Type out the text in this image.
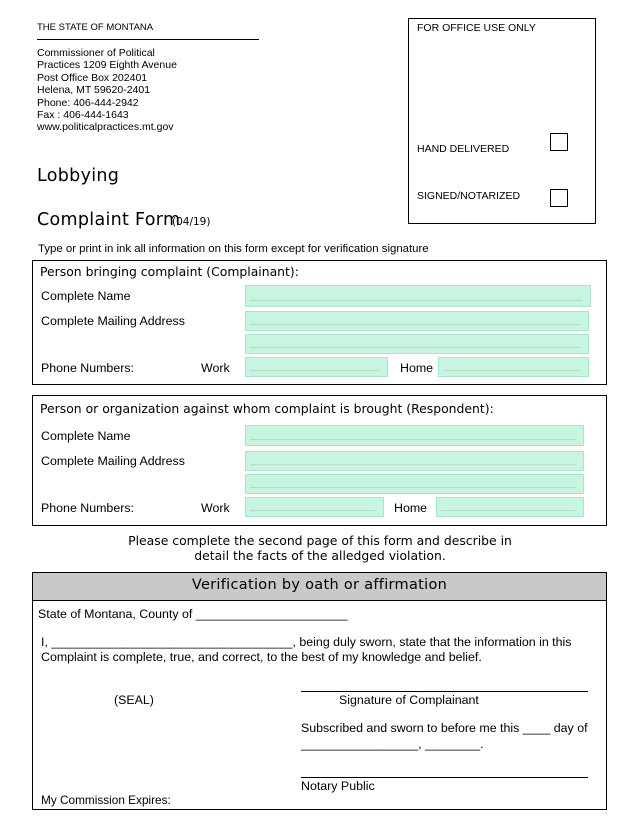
THE STATE OF MONTANA
Commissioner of Political
Practices 1209 Eighth Avenue
Post Office Box 202401
Helena, MT 59620-2401
Phone: 406-444-2942
Fax : 406-444-1643
www.politicalpractices.mt.gov
FOR OFFICE USE ONLY
HAND DELIVERED
SIGNED/NOTARIZED
Lobbying
Complaint Form
(04/19)
Type or print in ink all information on this form except for verification signature
Person bringing complaint (Complainant):
Complete Name
Complete Mailing Address
Phone Numbers:	Work	Home
Person or organization against whom complaint is brought (Respondent):
Complete Name
Complete Mailing Address
Phone Numbers:	Work	Home
Please complete the second page of this form and describe in
detail the facts of the alledged violation.
Verification by oath or affirmation
State of Montana, County of ______________________
I, ___________________________________, being duly sworn, state that the information in this
Complaint is complete, true, and correct, to the best of my knowledge and belief.
(SEAL)	Signature of Complainant
Subscribed and sworn to before me this ____ day of
_________________, ________.
Notary Public
My Commission Expires:
